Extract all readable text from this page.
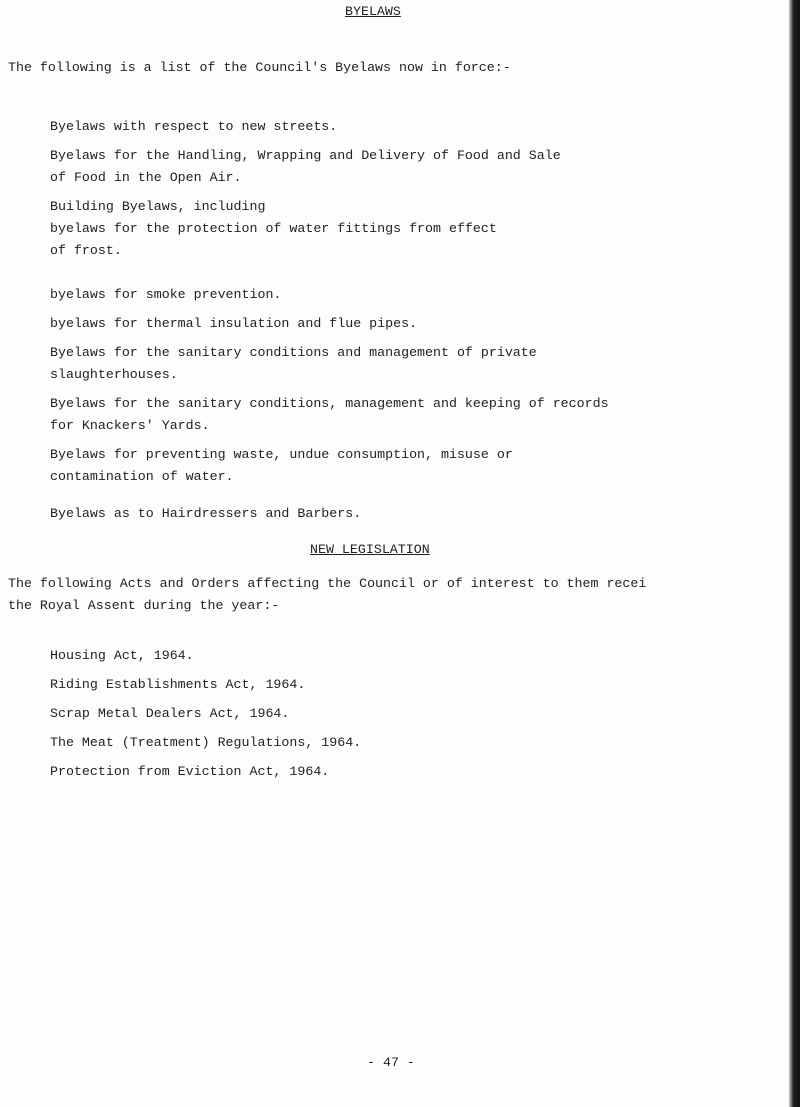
BYELAWS
The following is a list of the Council's Byelaws now in force:-
Byelaws with respect to new streets.
Byelaws for the Handling, Wrapping and Delivery of Food and Sale
of Food in the Open Air.
Building Byelaws, including
byelaws for the protection of water fittings from effect
of frost.
byelaws for smoke prevention.
byelaws for thermal insulation and flue pipes.
Byelaws for the sanitary conditions and management of private
slaughterhouses.
Byelaws for the sanitary conditions, management and keeping of records
for Knackers' Yards.
Byelaws for preventing waste, undue consumption, misuse or
contamination of water.
Byelaws as to Hairdressers and Barbers.
NEW LEGISLATION
The following Acts and Orders affecting the Council or of interest to them recei
the Royal Assent during the year:-
Housing Act, 1964.
Riding Establishments Act, 1964.
Scrap Metal Dealers Act, 1964.
The Meat (Treatment) Regulations, 1964.
Protection from Eviction Act, 1964.
- 47 -
